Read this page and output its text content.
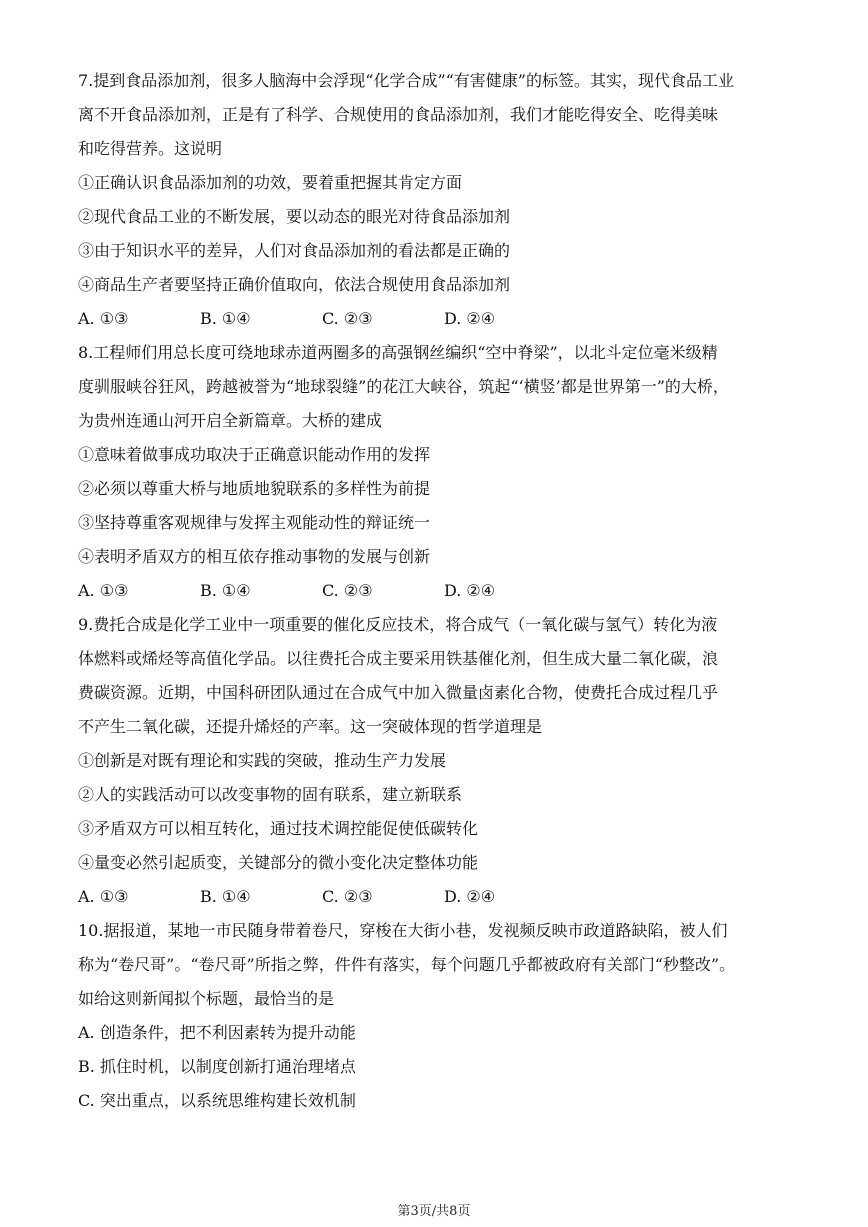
7.提到食品添加剂，很多人脑海中会浮现“化学合成”“有害健康”的标签。其实，现代食品工业
离不开食品添加剂，正是有了科学、合规使用的食品添加剂，我们才能吃得安全、吃得美味
和吃得营养。这说明

①正确认识食品添加剂的功效，要着重把握其肯定方面

②现代食品工业的不断发展，要以动态的眼光对待食品添加剂

③由于知识水平的差异，人们对食品添加剂的看法都是正确的

④商品生产者要坚持正确价值取向，依法合规使用食品添加剂

A. ①③	B. ①④	C. ②③	D. ②④

8.工程师们用总长度可绕地球赤道两圈多的高强钢丝编织“空中脊梁”，以北斗定位毫米级精
度驯服峡谷狂风，跨越被誉为“地球裂缝”的花江大峡谷，筑起“‘横竖’都是世界第一”的大桥，
为贵州连通山河开启全新篇章。大桥的建成

①意味着做事成功取决于正确意识能动作用的发挥

②必须以尊重大桥与地质地貌联系的多样性为前提

③坚持尊重客观规律与发挥主观能动性的辩证统一

④表明矛盾双方的相互依存推动事物的发展与创新

A. ①③	B. ①④	C. ②③	D. ②④

9.费托合成是化学工业中一项重要的催化反应技术，将合成气（一氧化碳与氢气）转化为液
体燃料或烯烃等高值化学品。以往费托合成主要采用铁基催化剂，但生成大量二氧化碳，浪
费碳资源。近期，中国科研团队通过在合成气中加入微量卤素化合物，使费托合成过程几乎
不产生二氧化碳，还提升烯烃的产率。这一突破体现的哲学道理是

①创新是对既有理论和实践的突破，推动生产力发展

②人的实践活动可以改变事物的固有联系，建立新联系

③矛盾双方可以相互转化，通过技术调控能促使低碳转化

④量变必然引起质变，关键部分的微小变化决定整体功能

A. ①③	B. ①④	C. ②③	D. ②④

10.据报道，某地一市民随身带着卷尺，穿梭在大街小巷，发视频反映市政道路缺陷，被人们
称为“卷尺哥”。“卷尺哥”所指之弊，件件有落实，每个问题几乎都被政府有关部门“秒整改”。
如给这则新闻拟个标题，最恰当的是

A. 创造条件，把不利因素转为提升动能

B. 抓住时机，以制度创新打通治理堵点

C. 突出重点，以系统思维构建长效机制

第3页/共8页
